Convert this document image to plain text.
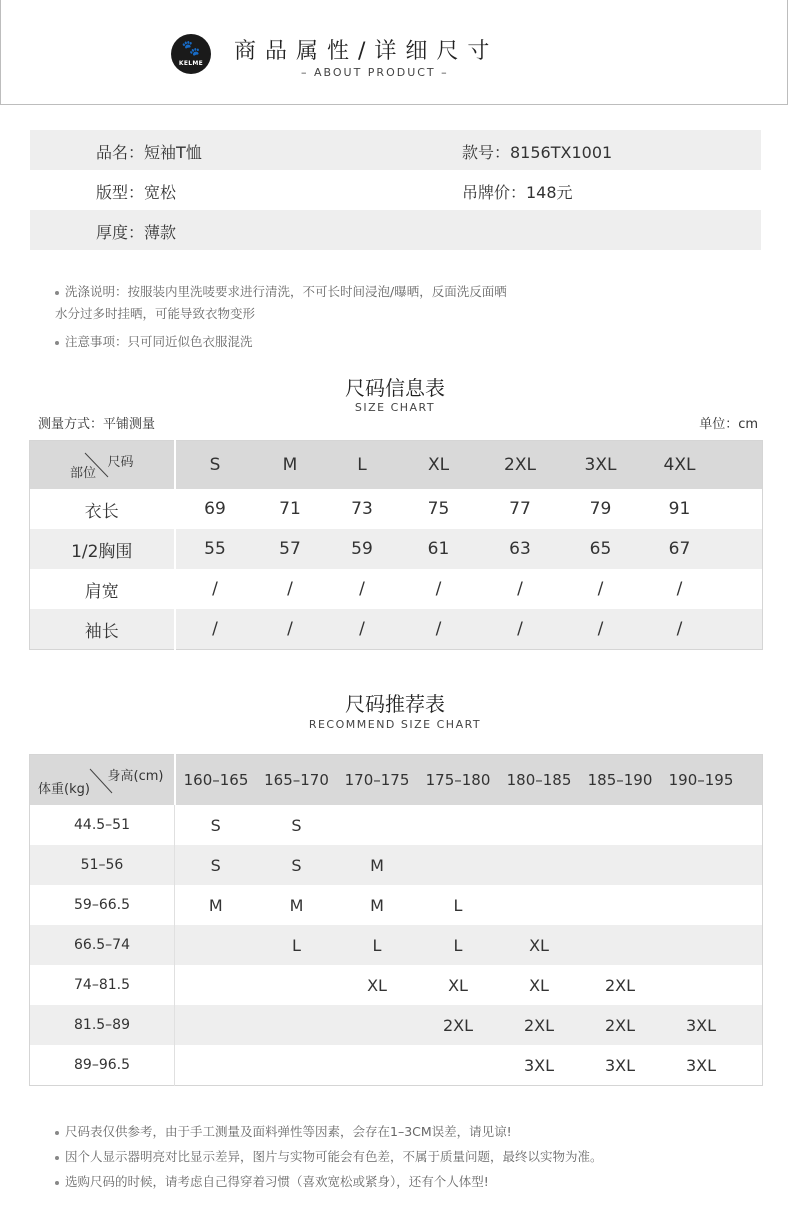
🐾
KELME	商品属性/详细尺寸
– ABOUT PRODUCT –
品名：短袖T恤	款号：8156TX1001
版型：宽松	吊牌价：148元
厚度：薄款
洗涤说明：按服装内里洗唛要求进行清洗，不可长时间浸泡/曝晒，反面洗反面晒
水分过多时挂晒，可能导致衣物变形
注意事项：只可同近似色衣服混洗
尺码信息表
SIZE CHART
测量方式：平铺测量	单位：cm
尺码
部位	S	M	L	XL	2XL	3XL	4XL	
衣长	69	71	73	75	77	79	91	
1/2胸围	55	57	59	61	63	65	67	
肩宽	/	/	/	/	/	/	/	
袖长	/	/	/	/	/	/	/	
尺码推荐表
RECOMMEND SIZE CHART
身高(cm)
体重(kg)	160–165	165–170	170–175	175–180	180–185	185–190	190–195	
44.5–51	S	S						
51–56	S	S	M					
59–66.5	M	M	M	L				
66.5–74		L	L	L	XL			
74–81.5			XL	XL	XL	2XL		
81.5–89				2XL	2XL	2XL	3XL	
89–96.5					3XL	3XL	3XL	
尺码表仅供参考，由于手工测量及面料弹性等因素，会存在1–3CM误差，请见谅!
因个人显示器明亮对比显示差异，图片与实物可能会有色差，不属于质量问题，最终以实物为准。
选购尺码的时候，请考虑自己得穿着习惯（喜欢宽松或紧身），还有个人体型!
